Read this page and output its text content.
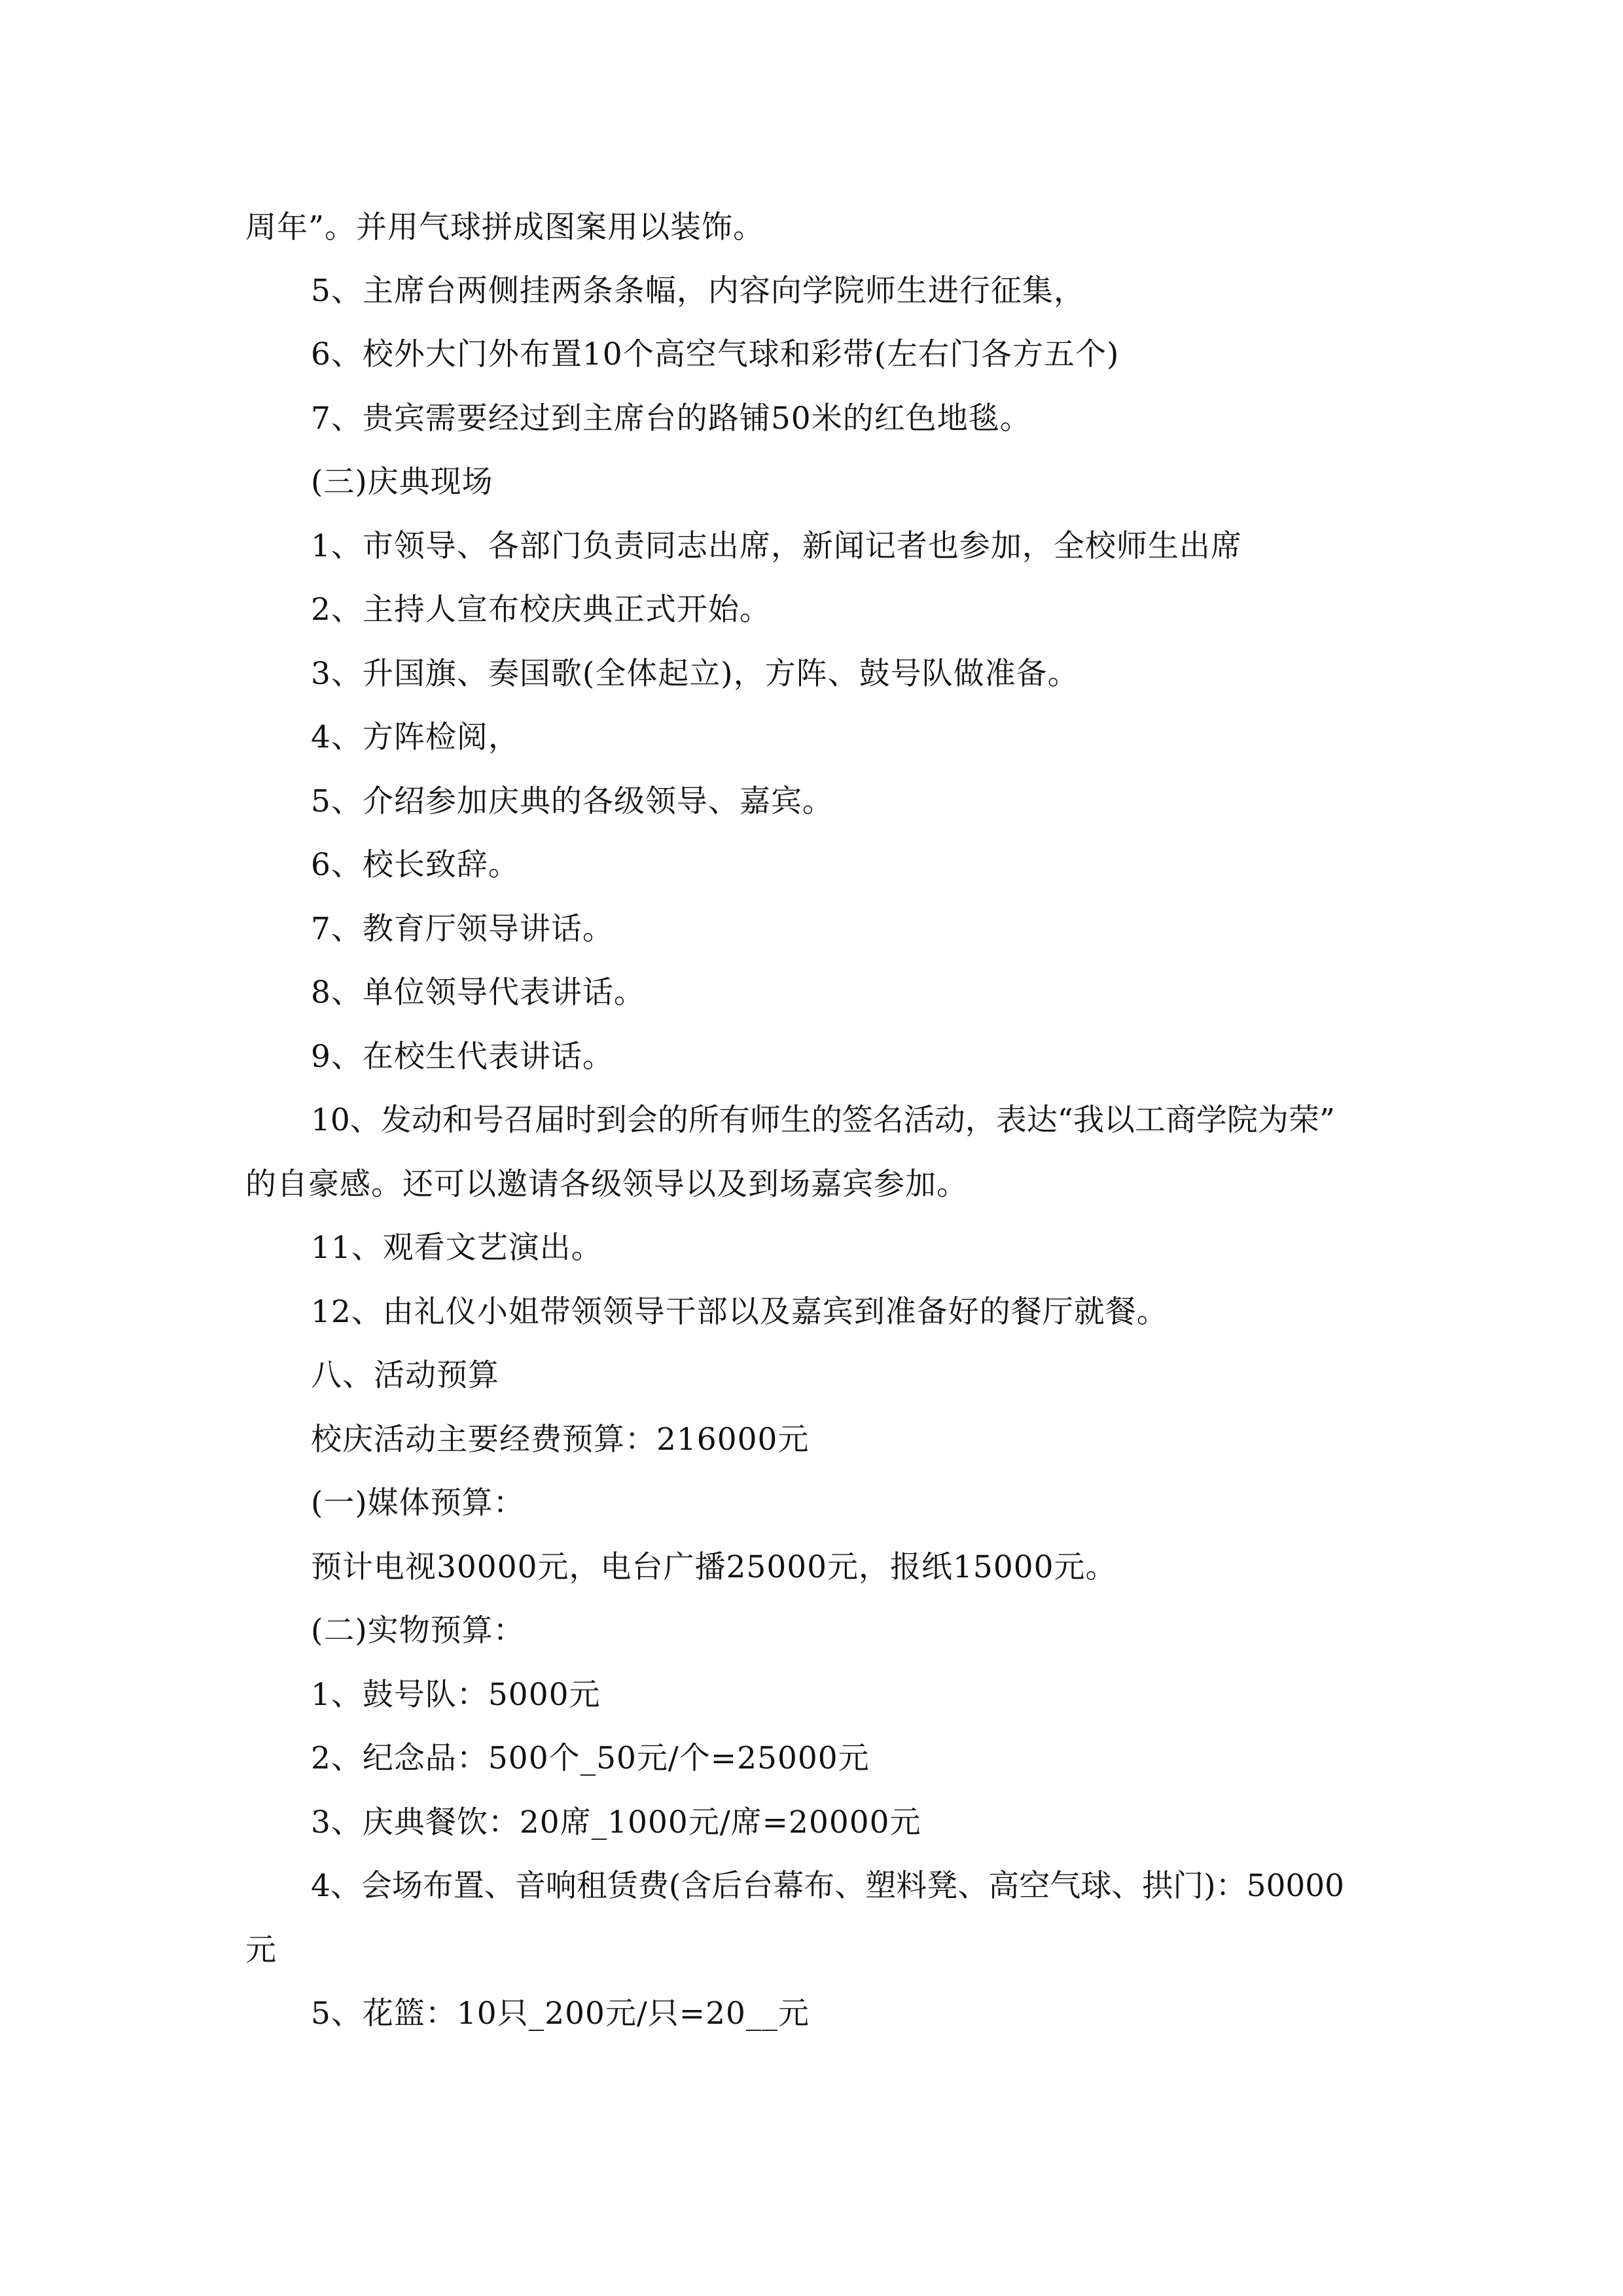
周年”。并用气球拼成图案用以装饰。
5、主席台两侧挂两条条幅，内容向学院师生进行征集，
6、校外大门外布置10个高空气球和彩带(左右门各方五个)
7、贵宾需要经过到主席台的路铺50米的红色地毯。
(三)庆典现场
1、市领导、各部门负责同志出席，新闻记者也参加，全校师生出席
2、主持人宣布校庆典正式开始。
3、升国旗、奏国歌(全体起立)，方阵、鼓号队做准备。
4、方阵检阅，
5、介绍参加庆典的各级领导、嘉宾。
6、校长致辞。
7、教育厅领导讲话。
8、单位领导代表讲话。
9、在校生代表讲话。
10、发动和号召届时到会的所有师生的签名活动，表达“我以工商学院为荣”
的自豪感。还可以邀请各级领导以及到场嘉宾参加。
11、观看文艺演出。
12、由礼仪小姐带领领导干部以及嘉宾到准备好的餐厅就餐。
八、活动预算
校庆活动主要经费预算：216000元
(一)媒体预算：
预计电视30000元，电台广播25000元，报纸15000元。
(二)实物预算：
1、鼓号队：5000元
2、纪念品：500个_50元/个=25000元
3、庆典餐饮：20席_1000元/席=20000元
4、会场布置、音响租赁费(含后台幕布、塑料凳、高空气球、拱门)：50000
元
5、花篮：10只_200元/只=20__元
